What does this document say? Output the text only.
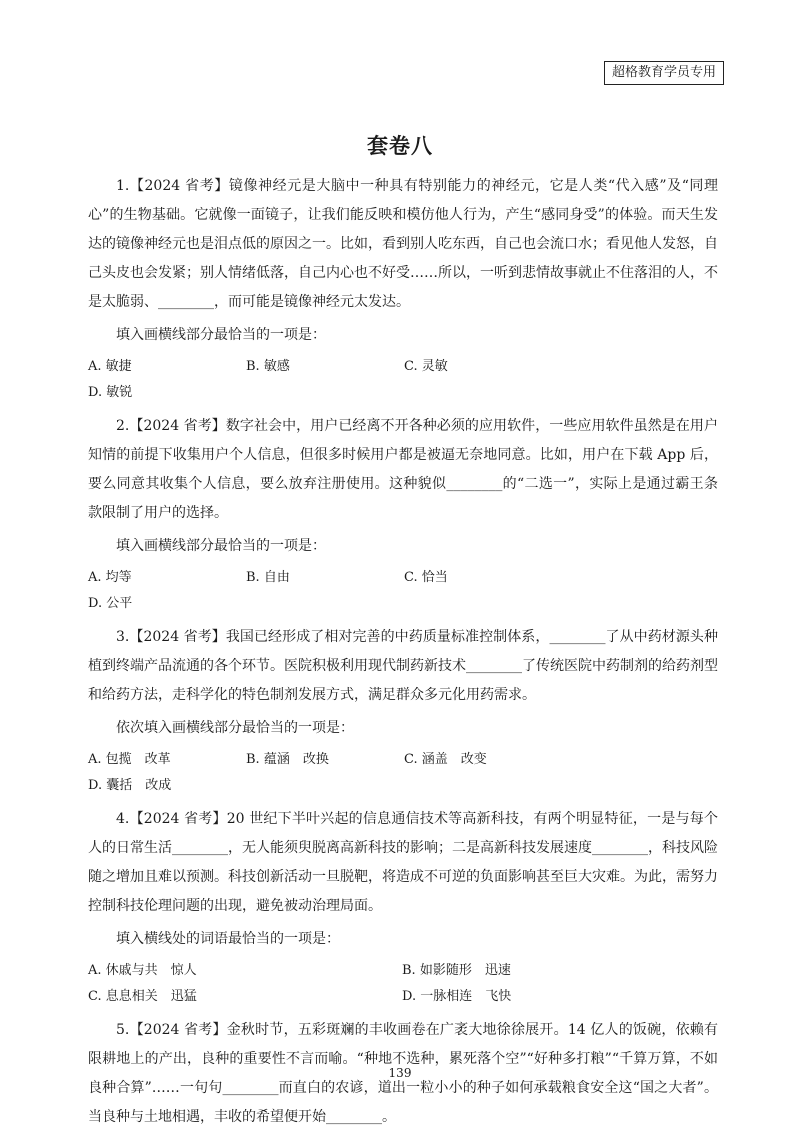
超格教育学员专用
套卷八

1.【2024 省考】镜像神经元是大脑中一种具有特别能力的神经元，它是人类“代入感”及“同理心”的生物基础。它就像一面镜子，让我们能反映和模仿他人行为，产生“感同身受”的体验。而天生发达的镜像神经元也是泪点低的原因之一。比如，看到别人吃东西，自己也会流口水；看见他人发怒，自己头皮也会发紧；别人情绪低落，自己内心也不好受……所以，一听到悲情故事就止不住落泪的人，不是太脆弱、________，而可能是镜像神经元太发达。

填入画横线部分最恰当的一项是：

A. 敏捷	B. 敏感	C. 灵敏
D. 敏锐

2.【2024 省考】数字社会中，用户已经离不开各种必须的应用软件，一些应用软件虽然是在用户知情的前提下收集用户个人信息，但很多时候用户都是被逼无奈地同意。比如，用户在下载 App 后，要么同意其收集个人信息，要么放弃注册使用。这种貌似________的“二选一”，实际上是通过霸王条款限制了用户的选择。

填入画横线部分最恰当的一项是：

A. 均等	B. 自由	C. 恰当
D. 公平

3.【2024 省考】我国已经形成了相对完善的中药质量标准控制体系，________了从中药材源头种植到终端产品流通的各个环节。医院积极利用现代制药新技术________了传统医院中药制剂的给药剂型和给药方法，走科学化的特色制剂发展方式，满足群众多元化用药需求。

依次填入画横线部分最恰当的一项是：

A. 包揽　改革	B. 蕴涵　改换	C. 涵盖　改变
D. 囊括　改成

4.【2024 省考】20 世纪下半叶兴起的信息通信技术等高新科技，有两个明显特征，一是与每个人的日常生活________，无人能须臾脱离高新科技的影响；二是高新科技发展速度________，科技风险随之增加且难以预测。科技创新活动一旦脱靶，将造成不可逆的负面影响甚至巨大灾难。为此，需努力控制科技伦理问题的出现，避免被动治理局面。

填入横线处的词语最恰当的一项是：

A. 休戚与共　惊人	B. 如影随形　迅速
C. 息息相关　迅猛	D. 一脉相连　飞快

5.【2024 省考】金秋时节，五彩斑斓的丰收画卷在广袤大地徐徐展开。14 亿人的饭碗，依赖有限耕地上的产出，良种的重要性不言而喻。“种地不选种，累死落个空”“好种多打粮”“千算万算，不如良种合算”……一句句________而直白的农谚，道出一粒小小的种子如何承载粮食安全这“国之大者”。当良种与土地相遇，丰收的希望便开始________。

139
